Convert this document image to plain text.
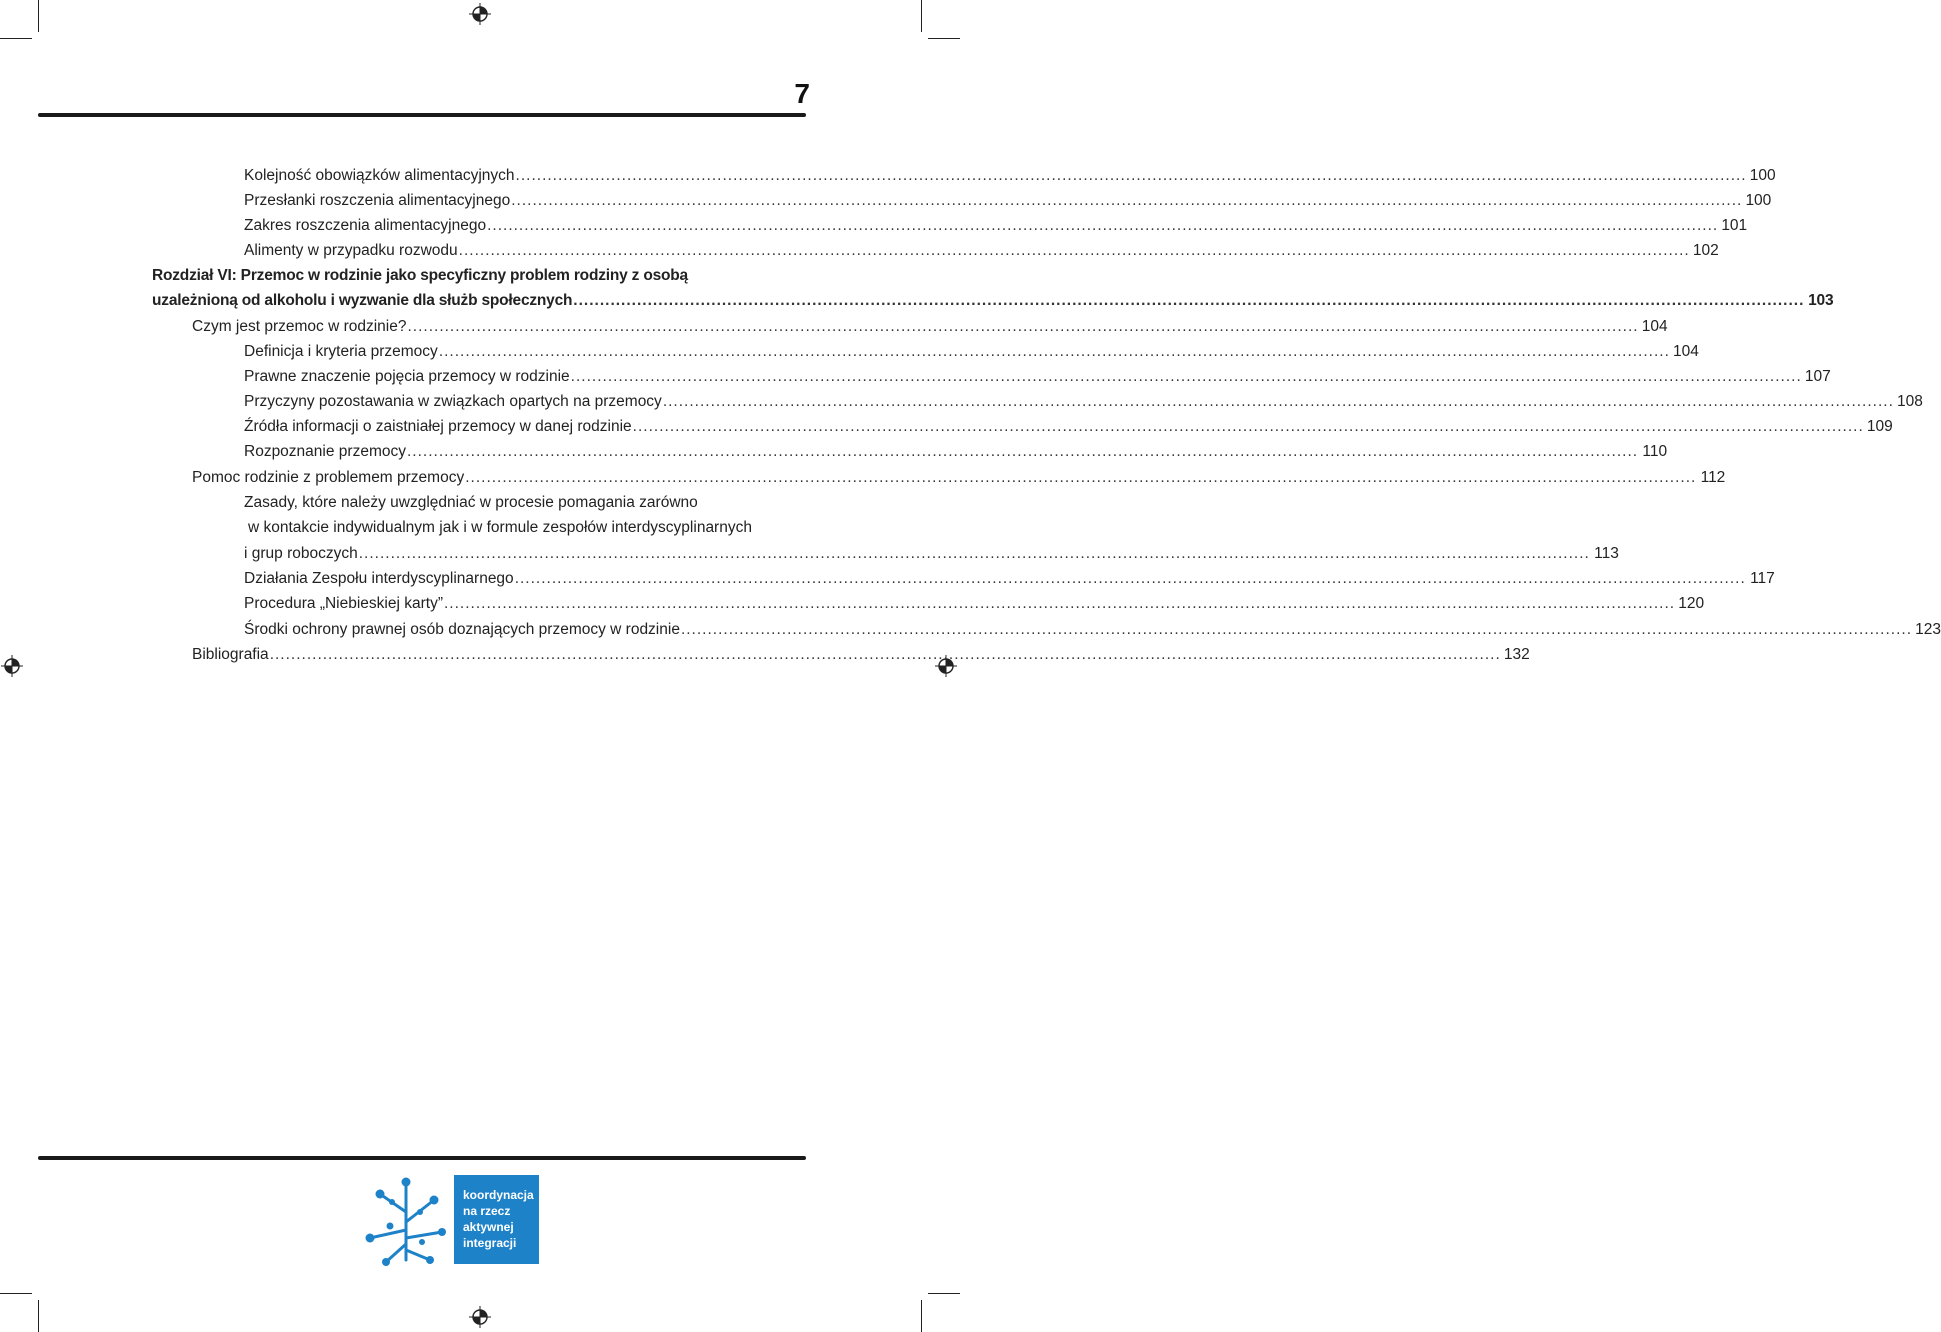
7
Kolejność obowiązków alimentacyjnych ........................................................................................................................................................................................................................................ 100
Przesłanki roszczenia alimentacyjnego ........................................................................................................................................................................................................................................ 100
Zakres roszczenia alimentacyjnego ........................................................................................................................................................................................................................................ 101
Alimenty w przypadku rozwodu ........................................................................................................................................................................................................................................ 102
Rozdział VI: Przemoc w rodzinie jako specyficzny problem rodziny z osobą
uzależnioną od alkoholu i wyzwanie dla służb społecznych ........................................................................................................................................................................................................................................ 103
Czym jest przemoc w rodzinie? ........................................................................................................................................................................................................................................ 104
Definicja i kryteria przemocy ........................................................................................................................................................................................................................................ 104
Prawne znaczenie pojęcia przemocy w rodzinie ........................................................................................................................................................................................................................................ 107
Przyczyny pozostawania w związkach opartych na przemocy ........................................................................................................................................................................................................................................ 108
Źródła informacji o zaistniałej przemocy w danej rodzinie ........................................................................................................................................................................................................................................ 109
Rozpoznanie przemocy ........................................................................................................................................................................................................................................ 110
Pomoc rodzinie z problemem przemocy ........................................................................................................................................................................................................................................ 112
Zasady, które należy uwzględniać w procesie pomagania zarówno
w kontakcie indywidualnym jak i w formule zespołów interdyscyplinarnych
i grup roboczych ........................................................................................................................................................................................................................................ 113
Działania Zespołu interdyscyplinarnego ........................................................................................................................................................................................................................................ 117
Procedura „Niebieskiej karty” ........................................................................................................................................................................................................................................ 120
Środki ochrony prawnej osób doznających przemocy w rodzinie ........................................................................................................................................................................................................................................ 123
Bibliografia ........................................................................................................................................................................................................................................ 132
koordynacja
na rzecz
aktywnej
integracji
